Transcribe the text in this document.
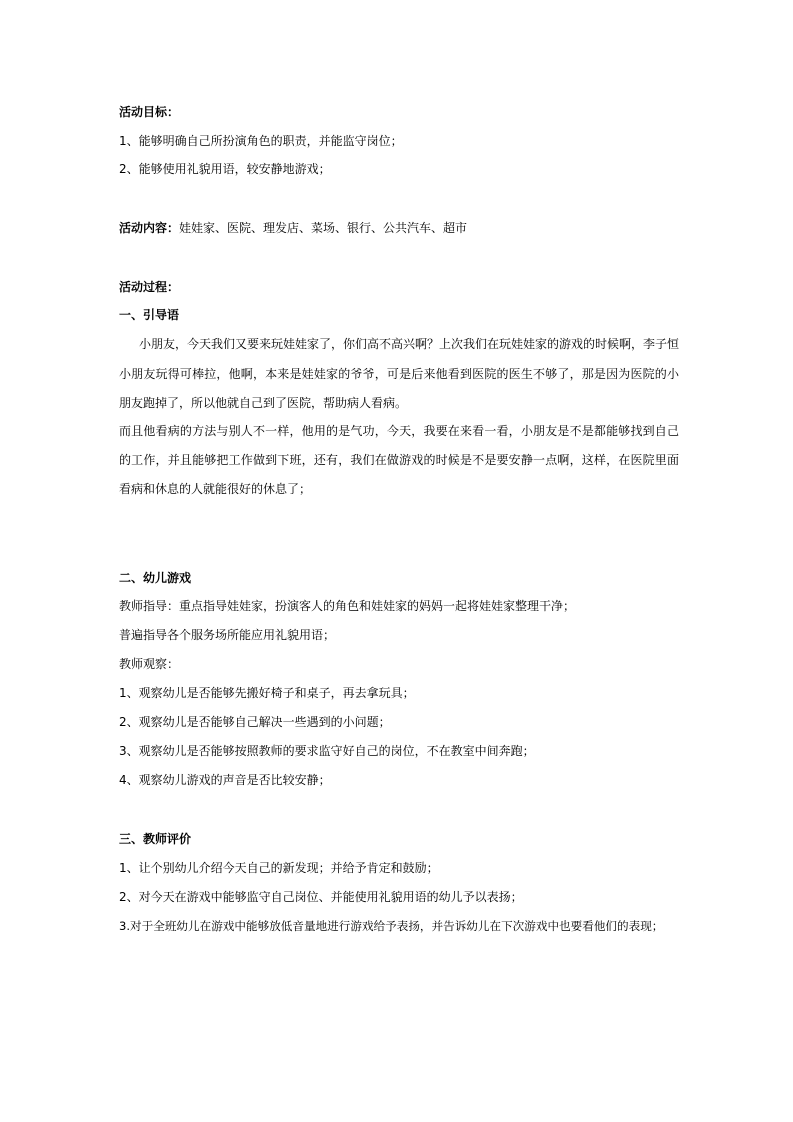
活动目标：
1、能够明确自己所扮演角色的职责，并能监守岗位；
2、能够使用礼貌用语，较安静地游戏；
活动内容：娃娃家、医院、理发店、菜场、银行、公共汽车、超市
活动过程：
一、引导语
小朋友，今天我们又要来玩娃娃家了，你们高不高兴啊？上次我们在玩娃娃家的游戏的时候啊，李子恒
小朋友玩得可棒拉，他啊，本来是娃娃家的爷爷，可是后来他看到医院的医生不够了，那是因为医院的小
朋友跑掉了，所以他就自己到了医院，帮助病人看病。
而且他看病的方法与别人不一样，他用的是气功，今天，我要在来看一看，小朋友是不是都能够找到自己
的工作，并且能够把工作做到下班，还有，我们在做游戏的时候是不是要安静一点啊，这样，在医院里面
看病和休息的人就能很好的休息了；
二、幼儿游戏
教师指导：重点指导娃娃家，扮演客人的角色和娃娃家的妈妈一起将娃娃家整理干净；
普遍指导各个服务场所能应用礼貌用语；
教师观察：
1、观察幼儿是否能够先搬好椅子和桌子，再去拿玩具；
2、观察幼儿是否能够自己解决一些遇到的小问题；
3、观察幼儿是否能够按照教师的要求监守好自己的岗位，不在教室中间奔跑；
4、观察幼儿游戏的声音是否比较安静；
三、教师评价
1、让个别幼儿介绍今天自己的新发现；并给予肯定和鼓励；
2、对今天在游戏中能够监守自己岗位、并能使用礼貌用语的幼儿予以表扬；
3.对于全班幼儿在游戏中能够放低音量地进行游戏给予表扬，并告诉幼儿在下次游戏中也要看他们的表现；
